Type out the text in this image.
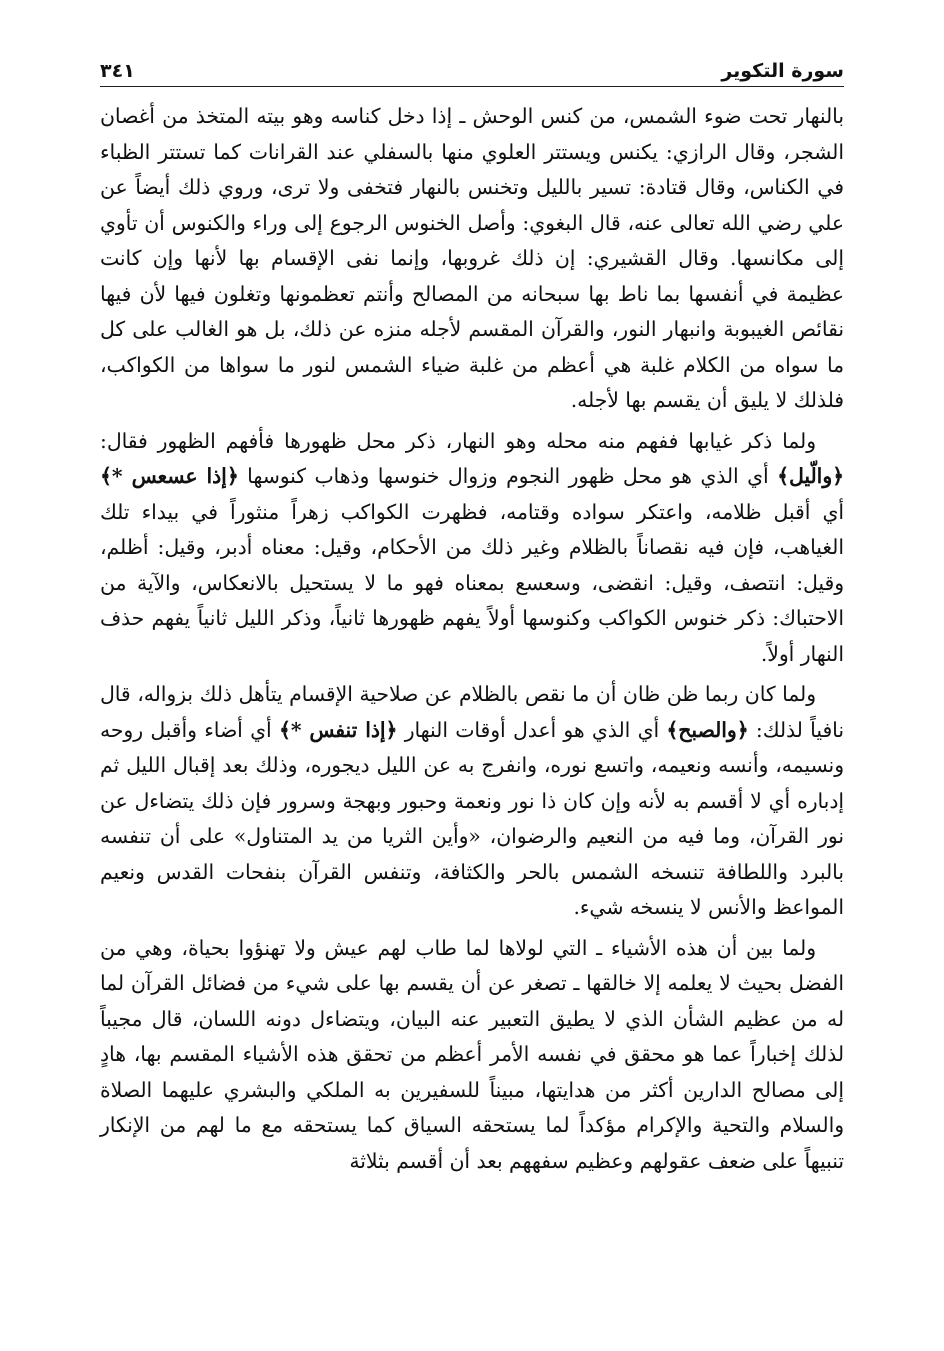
سورة التكوير
٣٤١

بالنهار تحت ضوء الشمس، من كنس الوحش ـ إذا دخل كناسه وهو بيته المتخذ من أغصان الشجر، وقال الرازي: يكنس ويستتر العلوي منها بالسفلي عند القرانات كما تستتر الظباء في الكناس، وقال قتادة: تسير بالليل وتخنس بالنهار فتخفى ولا ترى، وروي ذلك أيضاً عن علي رضي الله تعالى عنه، قال البغوي: وأصل الخنوس الرجوع إلى وراء والكنوس أن تأوي إلى مكانسها. وقال القشيري: إن ذلك غروبها، وإنما نفى الإقسام بها لأنها وإن كانت عظيمة في أنفسها بما ناط بها سبحانه من المصالح وأنتم تعظمونها وتغلون فيها لأن فيها نقائص الغيبوبة وانبهار النور، والقرآن المقسم لأجله منزه عن ذلك، بل هو الغالب على كل ما سواه من الكلام غلبة هي أعظم من غلبة ضياء الشمس لنور ما سواها من الكواكب، فلذلك لا يليق أن يقسم بها لأجله.

ولما ذكر غيابها ففهم منه محله وهو النهار، ذكر محل ظهورها فأفهم الظهور فقال: ﴿والّيل﴾ أي الذي هو محل ظهور النجوم وزوال خنوسها وذهاب كنوسها ﴿إذا عسعس *﴾ أي أقبل ظلامه، واعتكر سواده وقتامه، فظهرت الكواكب زهراً منثوراً في بيداء تلك الغياهب، فإن فيه نقصاناً بالظلام وغير ذلك من الأحكام، وقيل: معناه أدبر، وقيل: أظلم، وقيل: انتصف، وقيل: انقضى، وسعسع بمعناه فهو ما لا يستحيل بالانعكاس، والآية من الاحتباك: ذكر خنوس الكواكب وكنوسها أولاً يفهم ظهورها ثانياً، وذكر الليل ثانياً يفهم حذف النهار أولاً.

ولما كان ربما ظن ظان أن ما نقص بالظلام عن صلاحية الإقسام يتأهل ذلك بزواله، قال نافياً لذلك: ﴿والصبح﴾ أي الذي هو أعدل أوقات النهار ﴿إذا تنفس *﴾ أي أضاء وأقبل روحه ونسيمه، وأنسه ونعيمه، واتسع نوره، وانفرج به عن الليل ديجوره، وذلك بعد إقبال الليل ثم إدباره أي لا أقسم به لأنه وإن كان ذا نور ونعمة وحبور وبهجة وسرور فإن ذلك يتضاءل عن نور القرآن، وما فيه من النعيم والرضوان، «وأين الثريا من يد المتناول» على أن تنفسه بالبرد واللطافة تنسخه الشمس بالحر والكثافة، وتنفس القرآن بنفحات القدس ونعيم المواعظ والأنس لا ينسخه شيء.

ولما بين أن هذه الأشياء ـ التي لولاها لما طاب لهم عيش ولا تهنؤوا بحياة، وهي من الفضل بحيث لا يعلمه إلا خالقها ـ تصغر عن أن يقسم بها على شيء من فضائل القرآن لما له من عظيم الشأن الذي لا يطيق التعبير عنه البيان، ويتضاءل دونه اللسان، قال مجيباً لذلك إخباراً عما هو محقق في نفسه الأمر أعظم من تحقق هذه الأشياء المقسم بها، هادٍ إلى مصالح الدارين أكثر من هدايتها، مبيناً للسفيرين به الملكي والبشري عليهما الصلاة والسلام والتحية والإكرام مؤكداً لما يستحقه السياق كما يستحقه مع ما لهم من الإنكار تنبيهاً على ضعف عقولهم وعظيم سفههم بعد أن أقسم بثلاثة
